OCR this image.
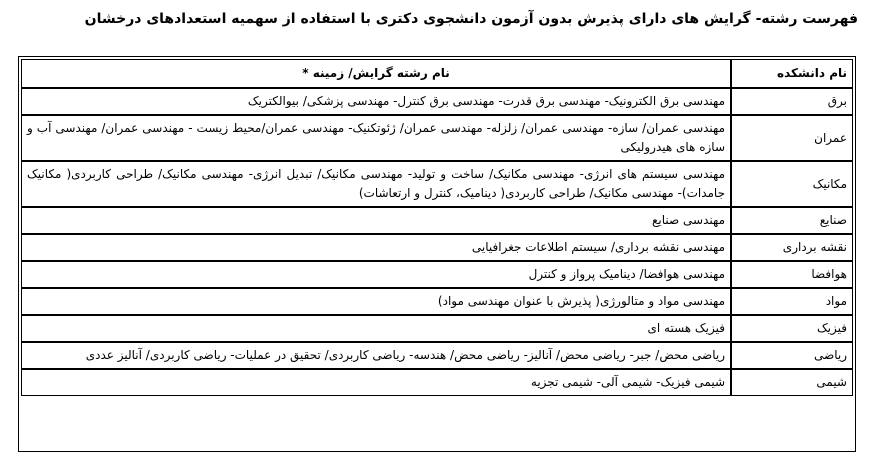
فهرست رشته- گرایش های دارای پذیرش بدون آزمون دانشجوی دکتری با استفاده از سهمیه استعدادهای درخشان
نام دانشکده	نام رشته گرایش/ زمینه *
برق	مهندسی برق الکترونیک- مهندسی برق قدرت- مهندسی برق کنترل- مهندسی پزشکی/ بیوالکتریک
عمران	مهندسی عمران/ سازه- مهندسی عمران/ زلزله- مهندسی عمران/ ژئوتکنیک- مهندسی عمران/محیط زیست - مهندسی عمران/ مهندسی آب و سازه های هیدرولیکی
مکانیک	مهندسی سیستم های انرژی- مهندسی مکانیک/ ساخت و تولید- مهندسی مکانیک/ تبدیل انرژی- مهندسی مکانیک/ طراحی کاربردی( مکانیک جامدات)- مهندسی مکانیک/ طراحی کاربردی( دینامیک، کنترل و ارتعاشات)
صنایع	مهندسی صنایع
نقشه برداری	مهندسی نقشه برداری/ سیستم اطلاعات جغرافیایی
هوافضا	مهندسی هوافضا/ دینامیک پرواز و کنترل
مواد	مهندسی مواد و متالورژی( پذیرش با عنوان مهندسی مواد)
فیزیک	فیزیک هسته ای
ریاضی	ریاضی محض/ جبر- ریاضی محض/ آنالیز- ریاضی محض/ هندسه- ریاضی کاربردی/ تحقیق در عملیات- ریاضی کاربردی/ آنالیز عددی
شیمی	شیمی فیزیک- شیمی آلی- شیمی تجزیه
